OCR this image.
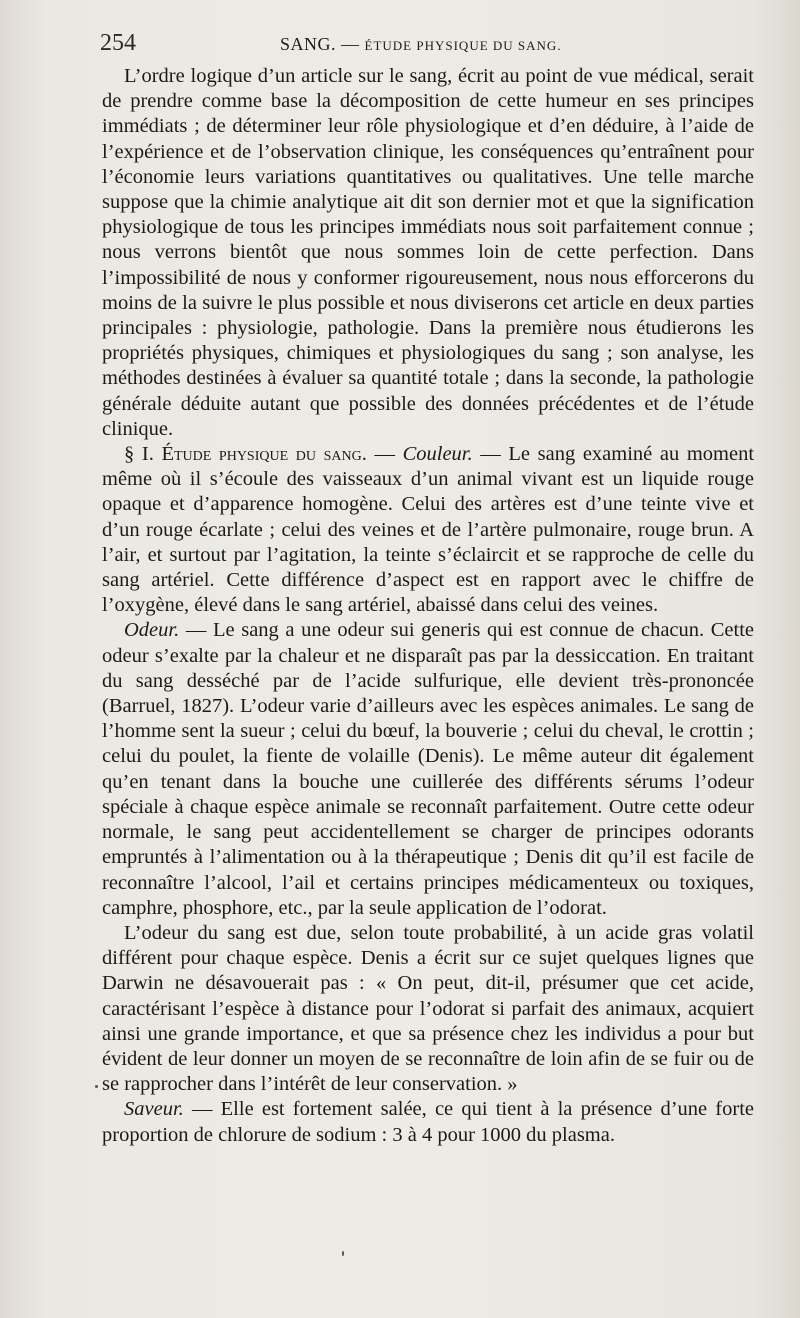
254	SANG. — ÉTUDE PHYSIQUE DU SANG.

L’ordre logique d’un article sur le sang, écrit au point de vue médical, serait de prendre comme base la décomposition de cette humeur en ses principes immédiats ; de déterminer leur rôle physiologique et d’en déduire, à l’aide de l’expérience et de l’observation clinique, les conséquences qu’entraînent pour l’économie leurs variations quantitatives ou qualitatives. Une telle marche suppose que la chimie analytique ait dit son dernier mot et que la signification physiologique de tous les principes immédiats nous soit parfaitement connue ; nous verrons bientôt que nous sommes loin de cette perfection. Dans l’impossibilité de nous y conformer rigoureusement, nous nous efforcerons du moins de la suivre le plus possible et nous diviserons cet article en deux parties principales : physiologie, pathologie. Dans la première nous étudierons les propriétés physiques, chimiques et physiologiques du sang ; son analyse, les méthodes destinées à évaluer sa quantité totale ; dans la seconde, la pathologie générale déduite autant que possible des données précédentes et de l’étude clinique.

§ I. Étude physique du sang. — Couleur. — Le sang examiné au moment même où il s’écoule des vaisseaux d’un animal vivant est un liquide rouge opaque et d’apparence homogène. Celui des artères est d’une teinte vive et d’un rouge écarlate ; celui des veines et de l’artère pulmonaire, rouge brun. A l’air, et surtout par l’agitation, la teinte s’éclaircit et se rapproche de celle du sang artériel. Cette différence d’aspect est en rapport avec le chiffre de l’oxygène, élevé dans le sang artériel, abaissé dans celui des veines.

Odeur. — Le sang a une odeur sui generis qui est connue de chacun. Cette odeur s’exalte par la chaleur et ne disparaît pas par la dessiccation. En traitant du sang desséché par de l’acide sulfurique, elle devient très-prononcée (Barruel, 1827). L’odeur varie d’ailleurs avec les espèces animales. Le sang de l’homme sent la sueur ; celui du bœuf, la bouverie ; celui du cheval, le crottin ; celui du poulet, la fiente de volaille (Denis). Le même auteur dit également qu’en tenant dans la bouche une cuillerée des différents sérums l’odeur spéciale à chaque espèce animale se reconnaît parfaitement. Outre cette odeur normale, le sang peut accidentellement se charger de principes odorants empruntés à l’alimentation ou à la thérapeutique ; Denis dit qu’il est facile de reconnaître l’alcool, l’ail et certains principes médicamenteux ou toxiques, camphre, phosphore, etc., par la seule application de l’odorat.

L’odeur du sang est due, selon toute probabilité, à un acide gras volatil différent pour chaque espèce. Denis a écrit sur ce sujet quelques lignes que Darwin ne désavouerait pas : « On peut, dit-il, présumer que cet acide, caractérisant l’espèce à distance pour l’odorat si parfait des animaux, acquiert ainsi une grande importance, et que sa présence chez les individus a pour but évident de leur donner un moyen de se reconnaître de loin afin de se fuir ou de se rapprocher dans l’intérêt de leur conservation. »

Saveur. — Elle est fortement salée, ce qui tient à la présence d’une forte proportion de chlorure de sodium : 3 à 4 pour 1000 du plasma.
